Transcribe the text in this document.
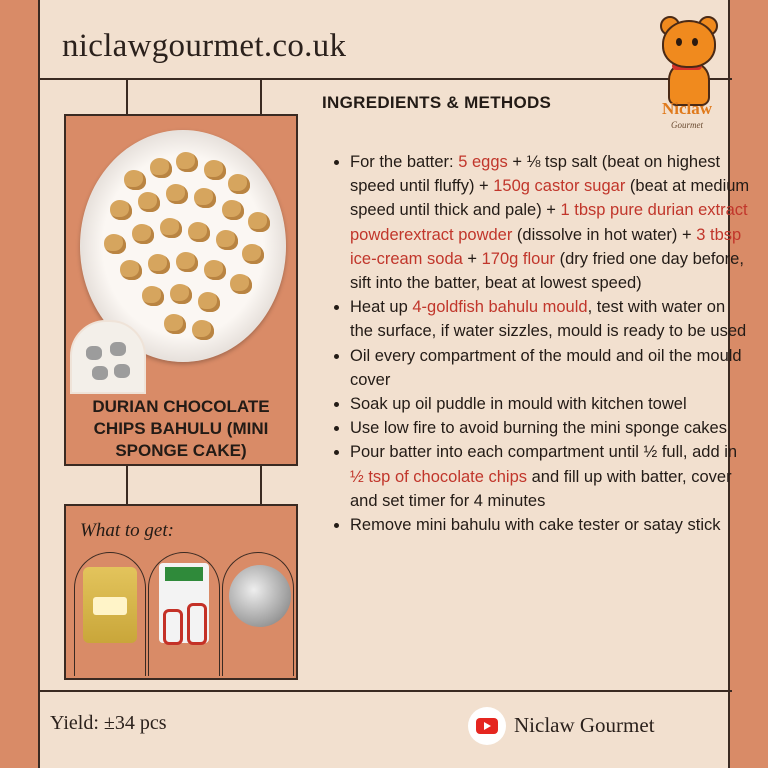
niclawgourmet.co.uk
Niclaw
Gourmet
DURIAN CHOCOLATE CHIPS BAHULU (MINI SPONGE CAKE)
What to get:
INGREDIENTS & METHODS
• For the batter: 5 eggs + ⅛ tsp salt (beat on highest speed until fluffy) + 150g castor sugar (beat at medium speed until thick and pale) + 1 tbsp pure durian extract powderextract powder (dissolve in hot water) + 3 tbsp ice-cream soda + 170g flour (dry fried one day before, sift into the batter, beat at lowest speed)
• Heat up 4-goldfish bahulu mould, test with water on the surface, if water sizzles, mould is ready to be used
• Oil every compartment of the mould and oil the mould cover
• Soak up oil puddle in mould with kitchen towel
• Use low fire to avoid burning the mini sponge cakes
• Pour batter into each compartment until ½ full, add in ½ tsp of chocolate chips and fill up with batter, cover and set timer for 4 minutes
• Remove mini bahulu with cake tester or satay stick
Yield: ±34 pcs	Niclaw Gourmet
